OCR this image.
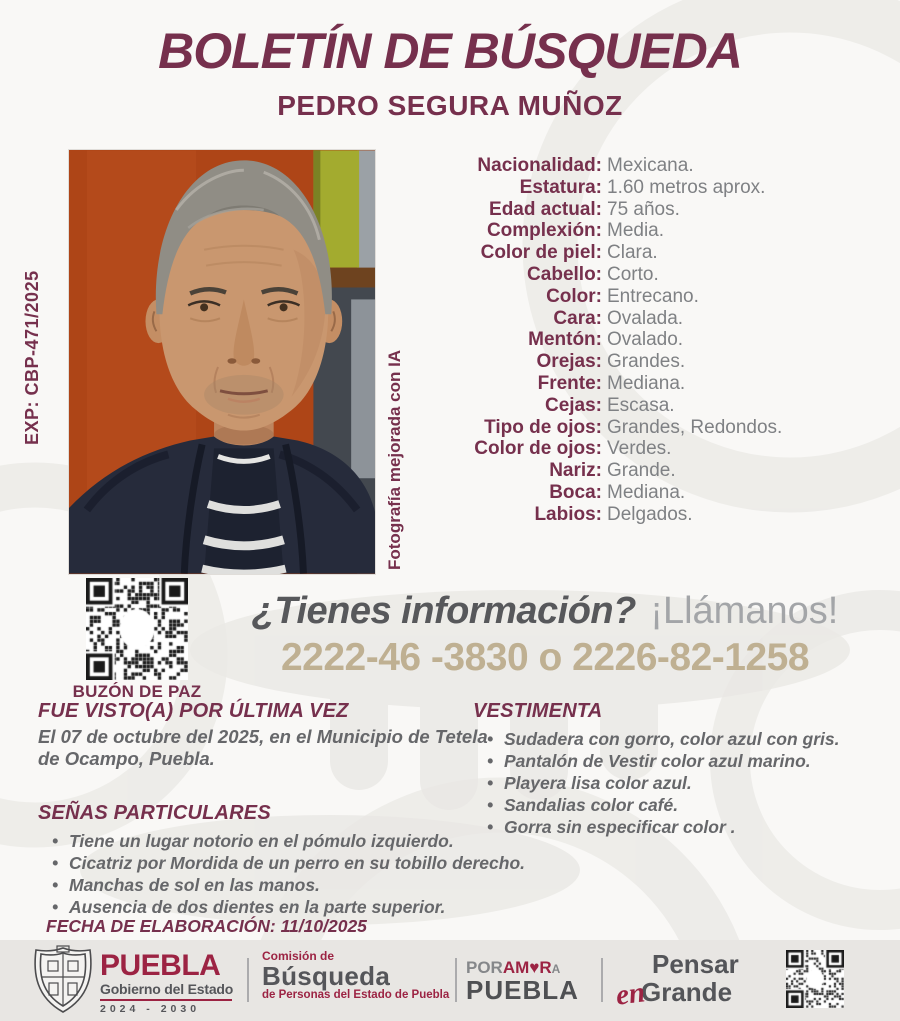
BOLETÍN DE BÚSQUEDA
PEDRO SEGURA MUÑOZ
EXP: CBP-471/2025	Fotografía mejorada con IA
Nacionalidad: Mexicana.
Estatura: 1.60 metros aprox.
Edad actual: 75 años.
Complexión: Media.
Color de piel: Clara.
Cabello: Corto.
Color: Entrecano.
Cara: Ovalada.
Mentón: Ovalado.
Orejas: Grandes.
Frente: Mediana.
Cejas: Escasa.
Tipo de ojos: Grandes, Redondos.
Color de ojos: Verdes.
Nariz: Grande.
Boca: Mediana.
Labios: Delgados.
BUZÓN DE PAZ
¿Tienes información? ¡Llámanos!
2222-46 -3830 o 2226-82-1258
FUE VISTO(A) POR ÚLTIMA VEZ

El 07 de octubre del 2025, en el Municipio de Tetela de Ocampo, Puebla.

VESTIMENTA
• Sudadera con gorro, color azul con gris.
• Pantalón de Vestir color azul marino.
• Playera lisa color azul.
• Sandalias color café.
• Gorra sin especificar color .
SEÑAS PARTICULARES
• Tiene un lugar notorio en el pómulo izquierdo.
• Cicatriz por Mordida de un perro en su tobillo derecho.
• Manchas de sol en las manos.
• Ausencia de dos dientes en la parte superior.
FECHA DE ELABORACIÓN: 11/10/2025
PUEBLA
Gobierno del Estado
2024 - 2030
Comisión de
Búsqueda
de Personas del Estado de Puebla
PORAM♥RA
PUEBLA
Pensar
enGrande
